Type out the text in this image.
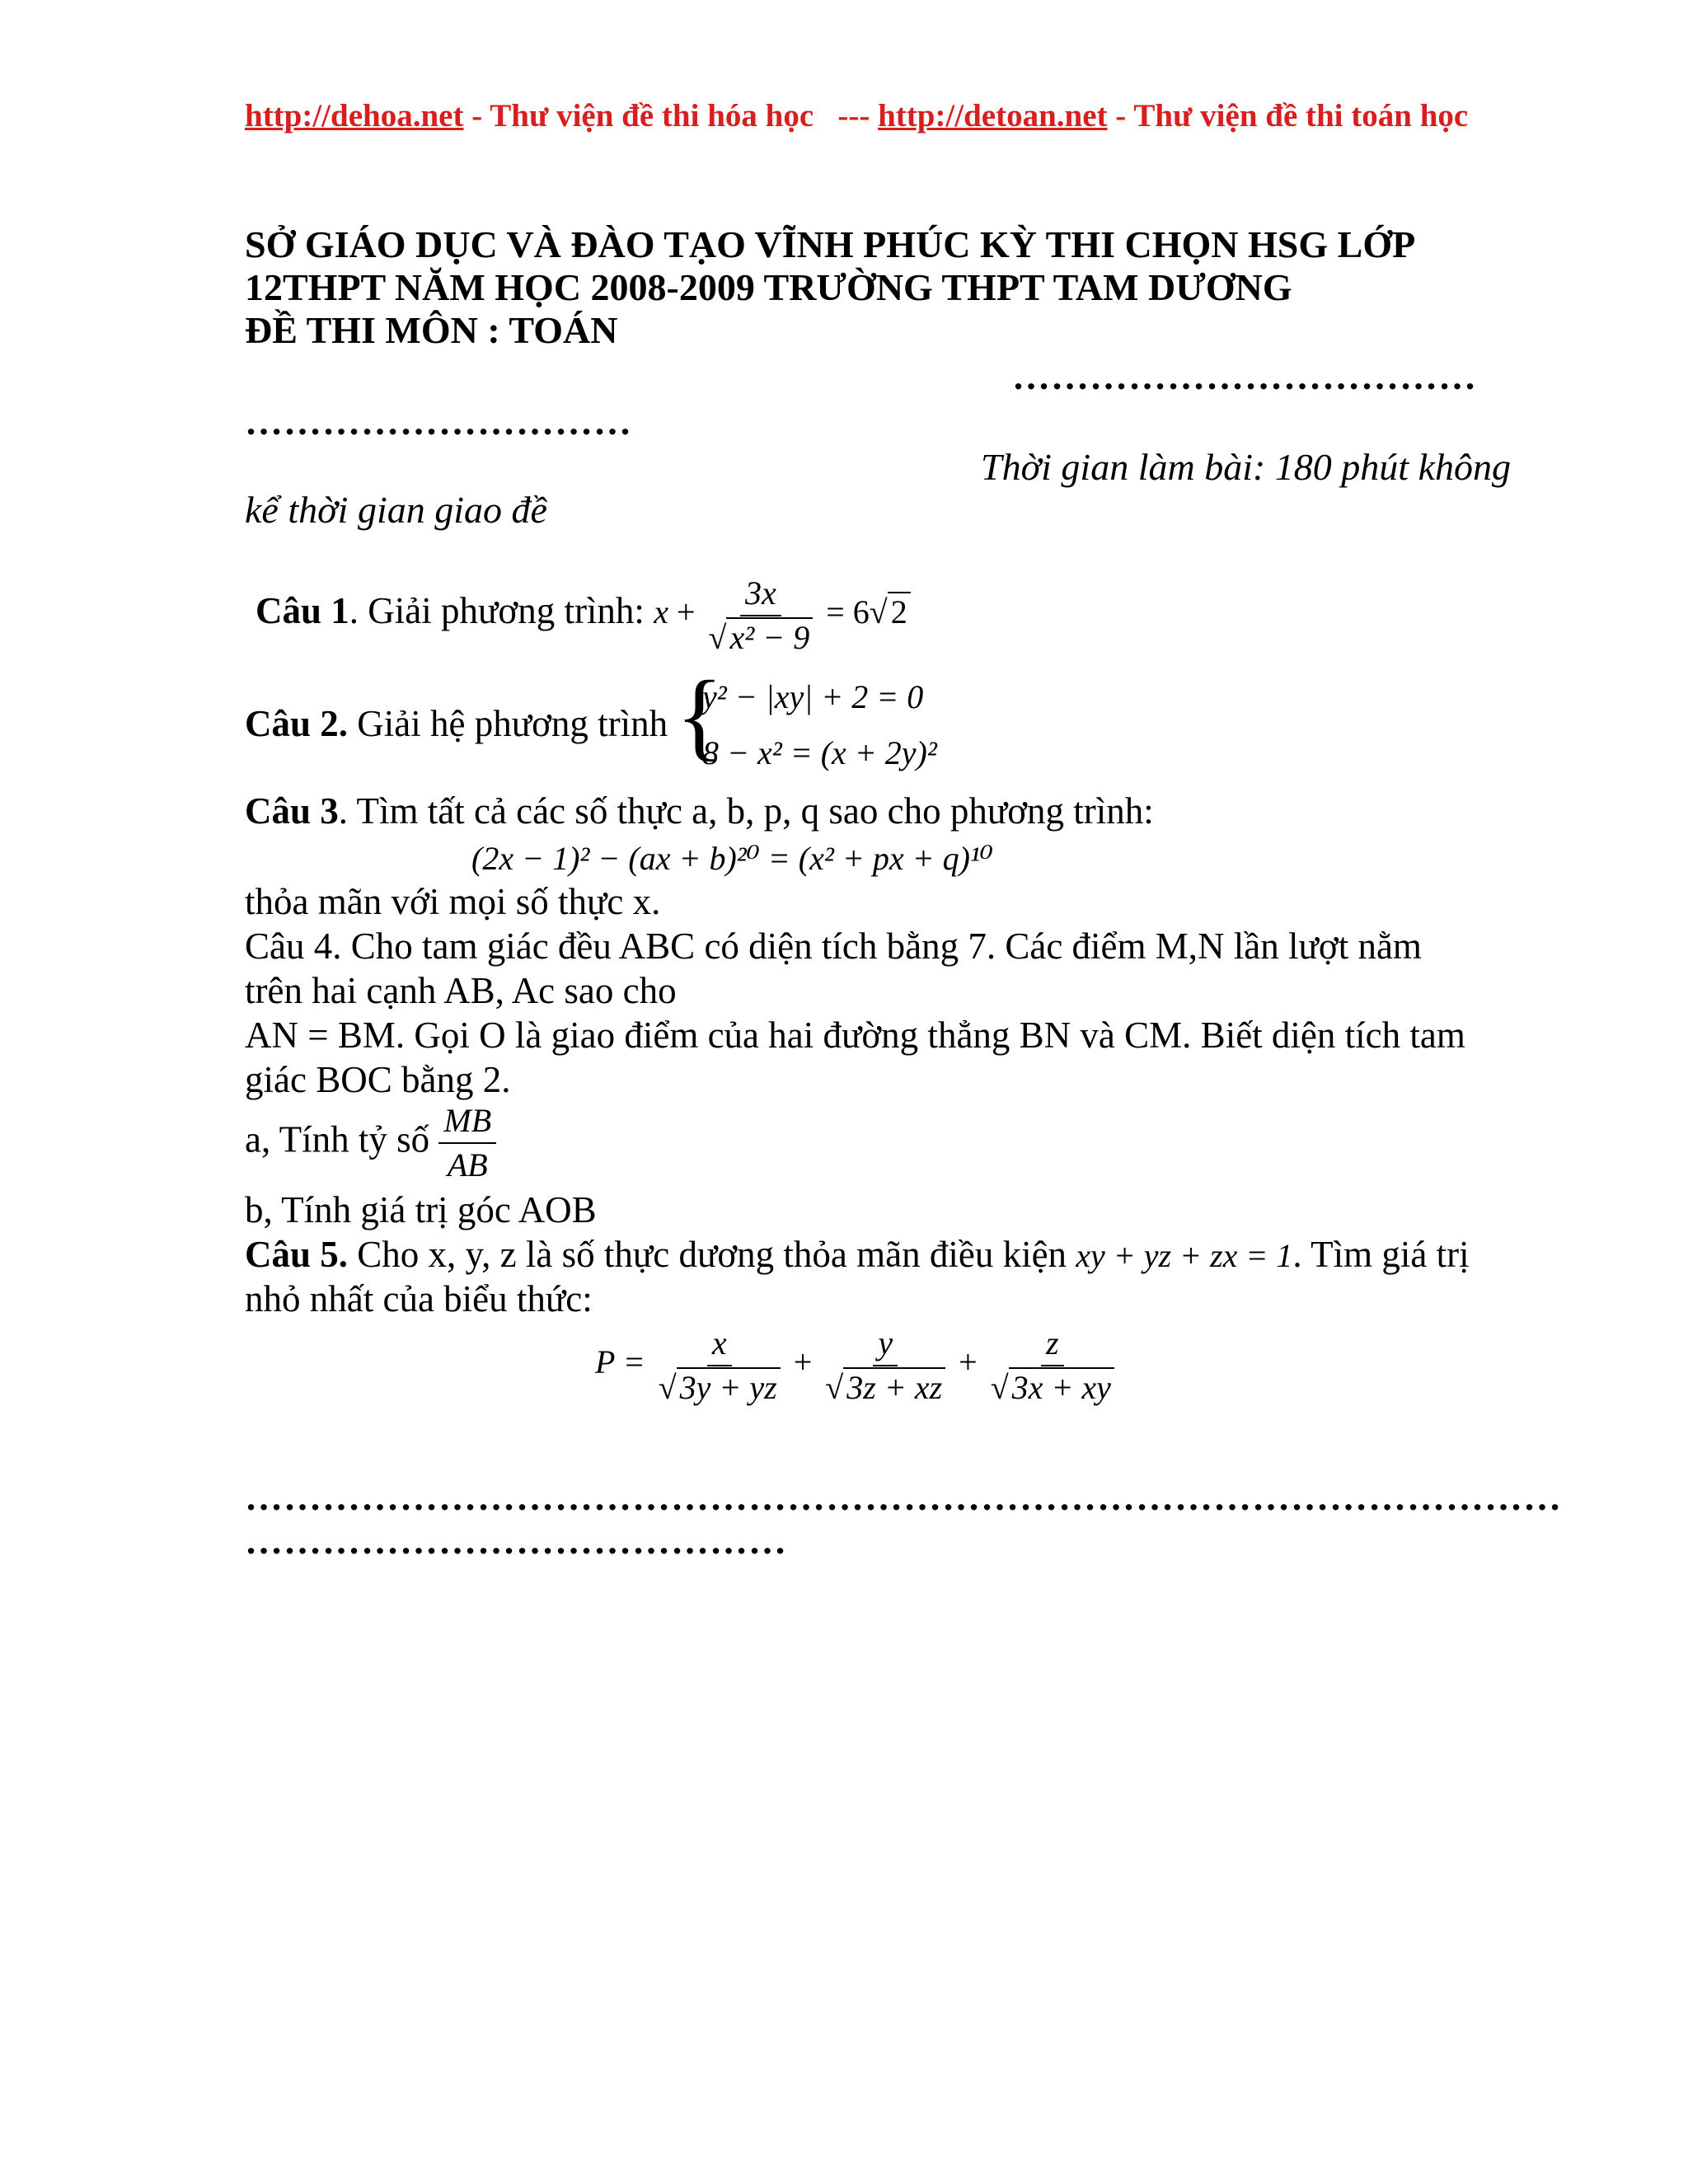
http://dehoa.net - Thư viện đề thi hóa học   --- http://detoan.net - Thư viện đề thi toán học
SỞ GIÁO DỤC VÀ ĐÀO TẠO VĨNH PHÚC KỲ THI CHỌN HSG LỚP
12THPT NĂM HỌC 2008-2009 TRƯỜNG THPT TAM DƯƠNG
ĐỀ THI MÔN : TOÁN
………………………………
…………………………
Thời gian làm bài: 180 phút không
kể thời gian giao đề
Câu 1. Giải phương trình: $x + \frac{3x}{\text{√ x² − 9}} = 6√$ 2
Câu 2. Giải hệ phương trình {
y² − |xy| + 2 = 0
8 − x² = (x + 2y)²
Câu 3. Tìm tất cả các số thực a, b, p, q sao cho phương trình:
(2x − 1)² − (ax + b)²⁰ = (x² + px + q)¹⁰
thỏa mãn với mọi số thực x.
Câu 4. Cho tam giác đều ABC có diện tích bằng 7. Các điểm M,N lần lượt nằm
trên hai cạnh AB, Ac sao cho
AN = BM. Gọi O là giao điểm của hai đường thẳng BN và CM. Biết diện tích tam
giác BOC bằng 2.
a, Tính tỷ số $\frac{MB}{AB}$
b, Tính giá trị góc AOB
Câu 5. Cho x, y, z là số thực dương thỏa mãn điều kiện xy + yz + zx = 1. Tìm giá trị
nhỏ nhất của biểu thức:
$P = \frac{x}{√ 3y + yz} + \frac{y}{√ 3z + xz} + \frac{z}{√ 3x + xy}$
…………………………………………………………………………………………
……………………………………
